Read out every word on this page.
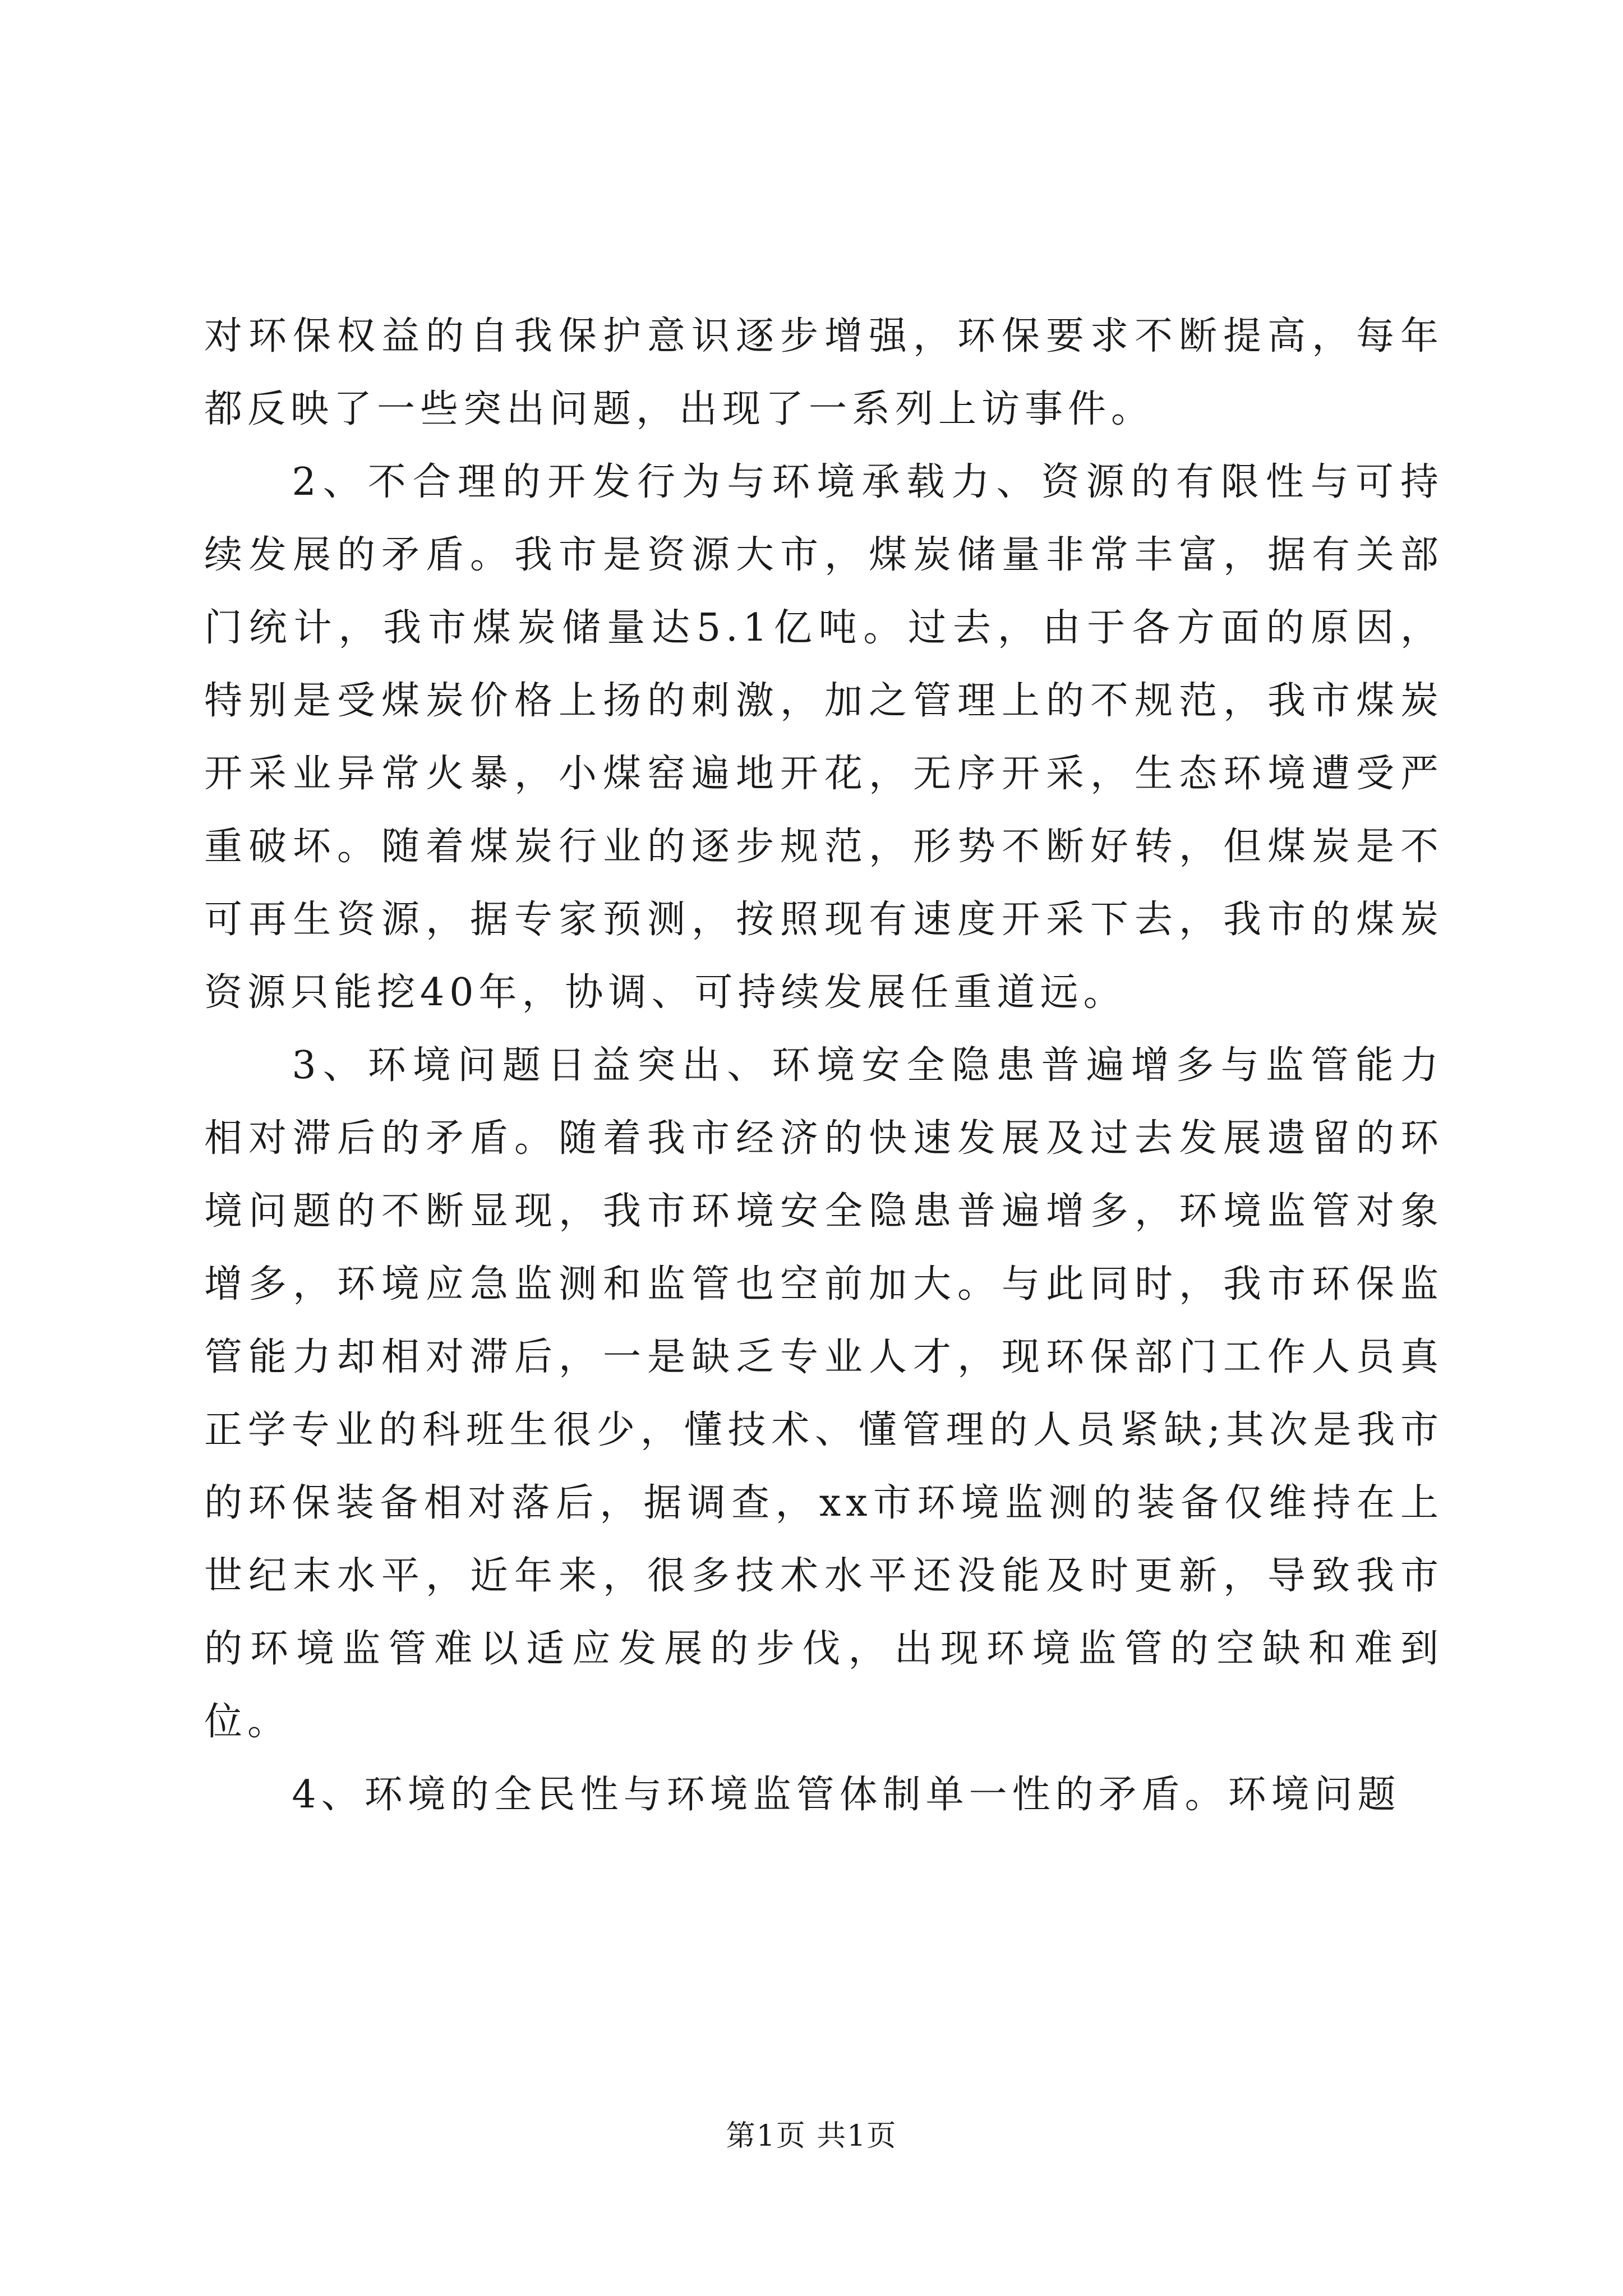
对环保权益的自我保护意识逐步增强，环保要求不断提高，每年都反映了一些突出问题，出现了一系列上访事件。

2、不合理的开发行为与环境承载力、资源的有限性与可持续发展的矛盾。我市是资源大市，煤炭储量非常丰富，据有关部门统计，我市煤炭储量达5.1亿吨。过去，由于各方面的原因，特别是受煤炭价格上扬的刺激，加之管理上的不规范，我市煤炭开采业异常火暴，小煤窑遍地开花，无序开采，生态环境遭受严重破坏。随着煤炭行业的逐步规范，形势不断好转，但煤炭是不可再生资源，据专家预测，按照现有速度开采下去，我市的煤炭资源只能挖40年，协调、可持续发展任重道远。

3、环境问题日益突出、环境安全隐患普遍增多与监管能力相对滞后的矛盾。随着我市经济的快速发展及过去发展遗留的环境问题的不断显现，我市环境安全隐患普遍增多，环境监管对象增多，环境应急监测和监管也空前加大。与此同时，我市环保监管能力却相对滞后，一是缺乏专业人才，现环保部门工作人员真正学专业的科班生很少，懂技术、懂管理的人员紧缺;其次是我市的环保装备相对落后，据调查，xx市环境监测的装备仅维持在上世纪末水平，近年来，很多技术水平还没能及时更新，导致我市的环境监管难以适应发展的步伐，出现环境监管的空缺和难到位。

4、环境的全民性与环境监管体制单一性的矛盾。环境问题

第1页 共1页
